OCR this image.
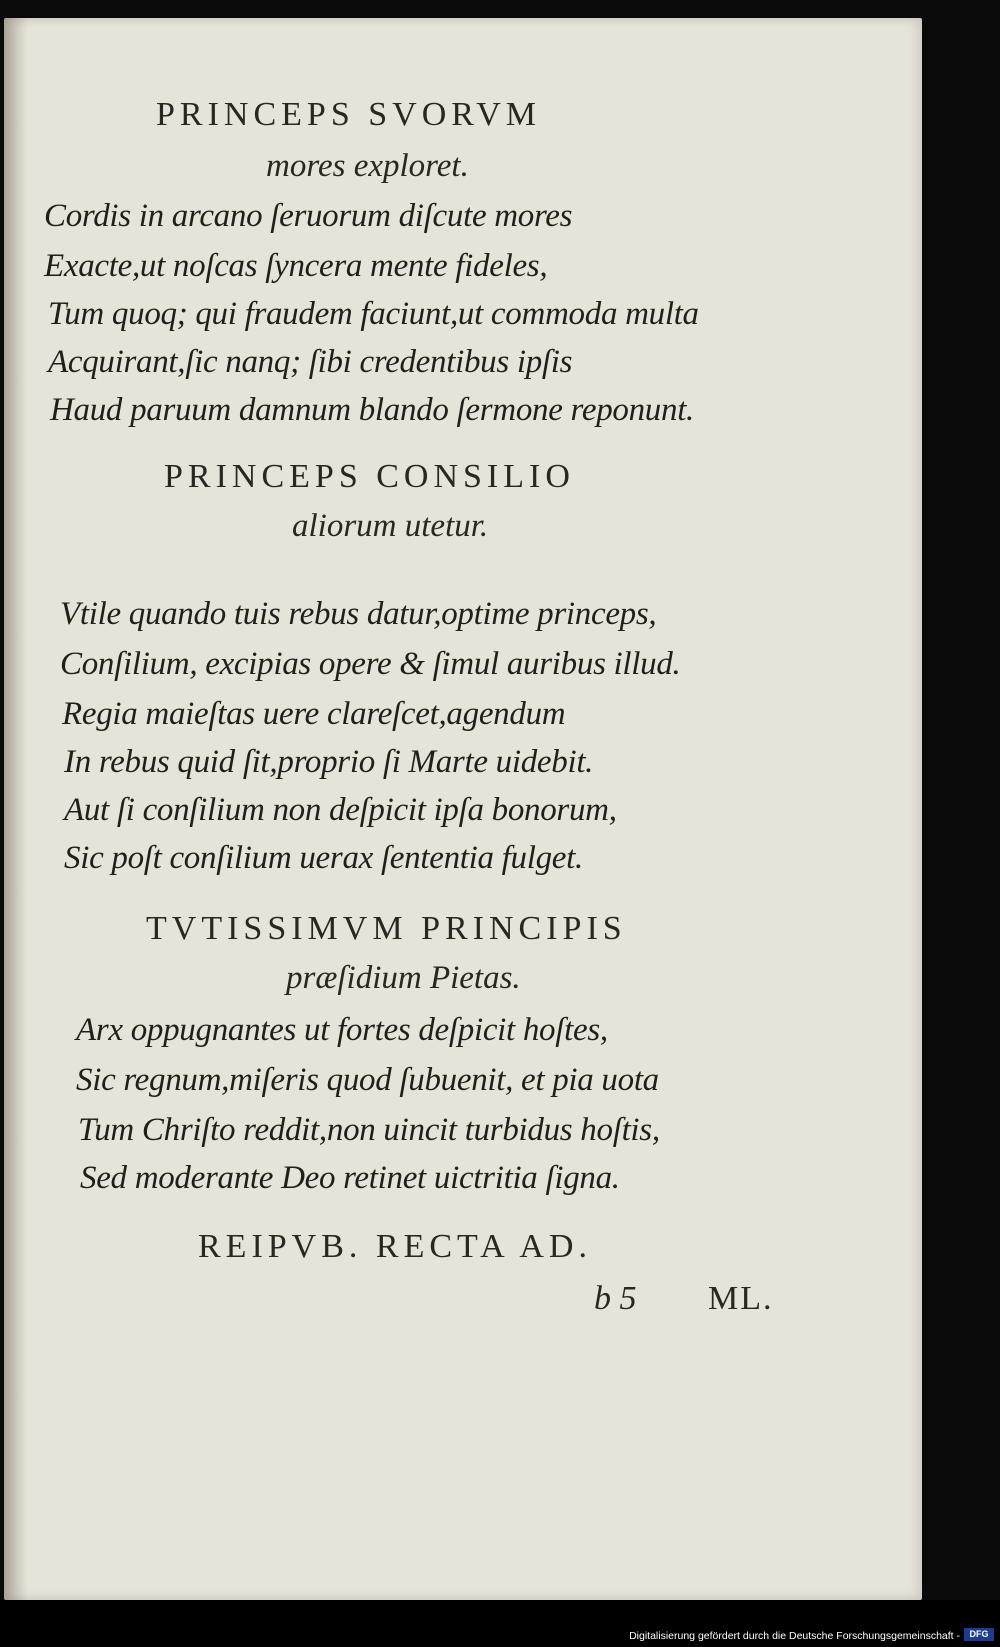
PRINCEPS SVORVM
mores exploret.
Cordis in arcano ſeruorum diſcute mores
Exacte,ut noſcas ſyncera mente fideles,
Tum quoq; qui fraudem faciunt,ut commoda multa
Acquirant,ſic nanq; ſibi credentibus ipſis
Haud paruum damnum blando ſermone reponunt.
PRINCEPS CONSILIO
aliorum utetur.
Vtile quando tuis rebus datur,optime princeps,
Conſilium, excipias opere & ſimul auribus illud.
Regia maieſtas uere clareſcet,agendum
In rebus quid ſit,proprio ſi Marte uidebit.
Aut ſi conſilium non deſpicit ipſa bonorum,
Sic poſt conſilium uerax ſententia fulget.
TVTISSIMVM PRINCIPIS
præſidium Pietas.
Arx oppugnantes ut fortes deſpicit hoſtes,
Sic regnum,miſeris quod ſubuenit, et pia uota
Tum Chriſto reddit,non uincit turbidus hoſtis,
Sed moderante Deo retinet uictritia ſigna.
REIPVB. RECTA AD.
b 5 ML.
Digitalisierung gefördert durch die Deutsche Forschungsgemeinschaft -	DFG
